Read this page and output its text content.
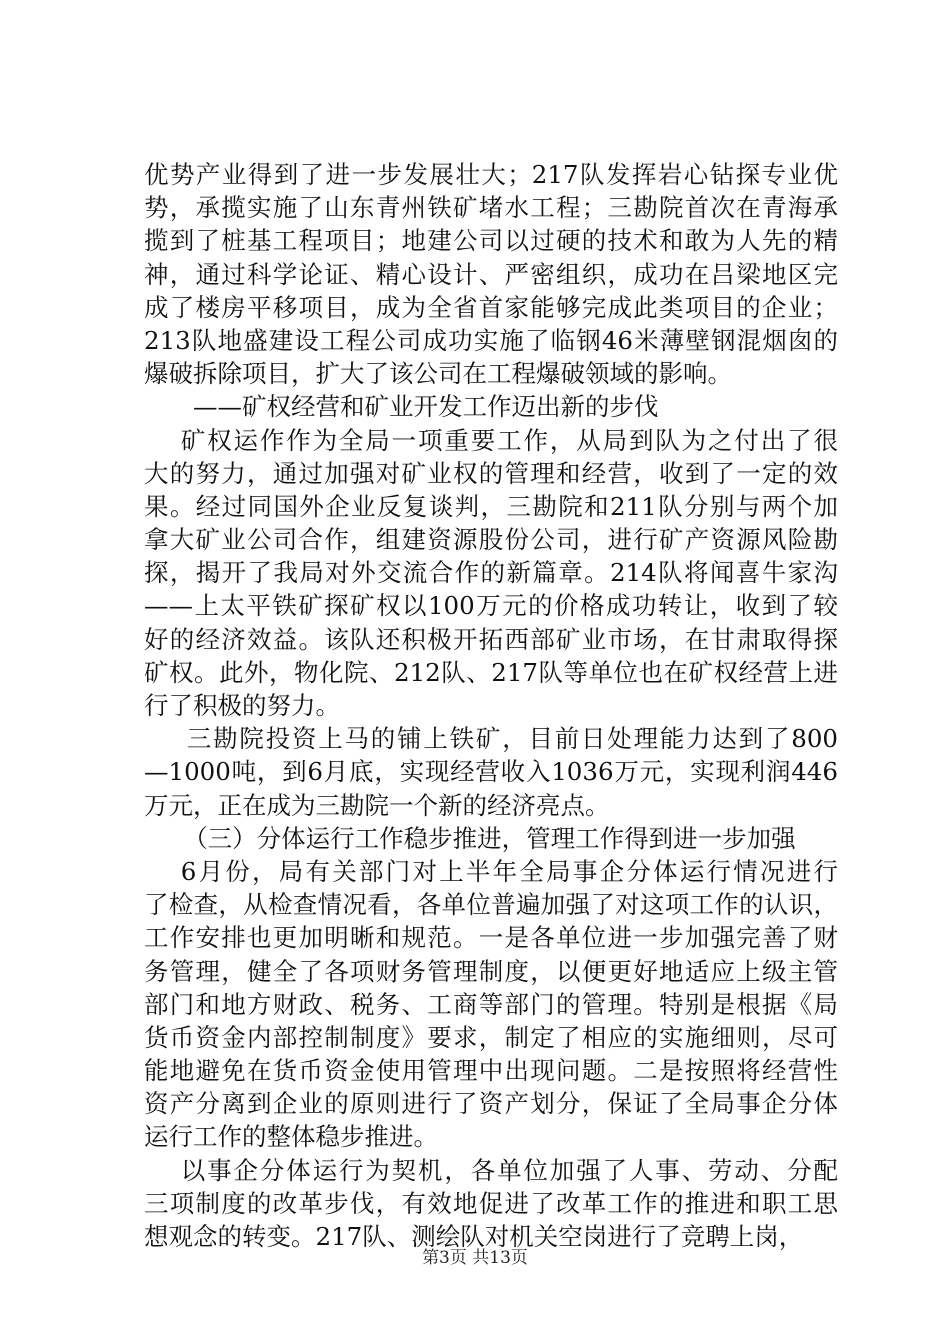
优势产业得到了进一步发展壮大；217队发挥岩心钻探专业优
势，承揽实施了山东青州铁矿堵水工程；三勘院首次在青海承
揽到了桩基工程项目；地建公司以过硬的技术和敢为人先的精
神，通过科学论证、精心设计、严密组织，成功在吕梁地区完
成了楼房平移项目，成为全省首家能够完成此类项目的企业；
213队地盛建设工程公司成功实施了临钢46米薄壁钢混烟囱的
爆破拆除项目，扩大了该公司在工程爆破领域的影响。
——矿权经营和矿业开发工作迈出新的步伐
矿权运作作为全局一项重要工作，从局到队为之付出了很
大的努力，通过加强对矿业权的管理和经营，收到了一定的效
果。经过同国外企业反复谈判，三勘院和211队分别与两个加
拿大矿业公司合作，组建资源股份公司，进行矿产资源风险勘
探，揭开了我局对外交流合作的新篇章。214队将闻喜牛家沟
——上太平铁矿探矿权以100万元的价格成功转让，收到了较
好的经济效益。该队还积极开拓西部矿业市场，在甘肃取得探
矿权。此外，物化院、212队、217队等单位也在矿权经营上进
行了积极的努力。
三勘院投资上马的铺上铁矿，目前日处理能力达到了800
—1000吨，到6月底，实现经营收入1036万元，实现利润446
万元，正在成为三勘院一个新的经济亮点。
（三）分体运行工作稳步推进，管理工作得到进一步加强
6月份，局有关部门对上半年全局事企分体运行情况进行
了检查，从检查情况看，各单位普遍加强了对这项工作的认识，
工作安排也更加明晰和规范。一是各单位进一步加强完善了财
务管理，健全了各项财务管理制度，以便更好地适应上级主管
部门和地方财政、税务、工商等部门的管理。特别是根据《局
货币资金内部控制制度》要求，制定了相应的实施细则，尽可
能地避免在货币资金使用管理中出现问题。二是按照将经营性
资产分离到企业的原则进行了资产划分，保证了全局事企分体
运行工作的整体稳步推进。
以事企分体运行为契机，各单位加强了人事、劳动、分配
三项制度的改革步伐，有效地促进了改革工作的推进和职工思
想观念的转变。217队、测绘队对机关空岗进行了竞聘上岗，
第3页 共13页
